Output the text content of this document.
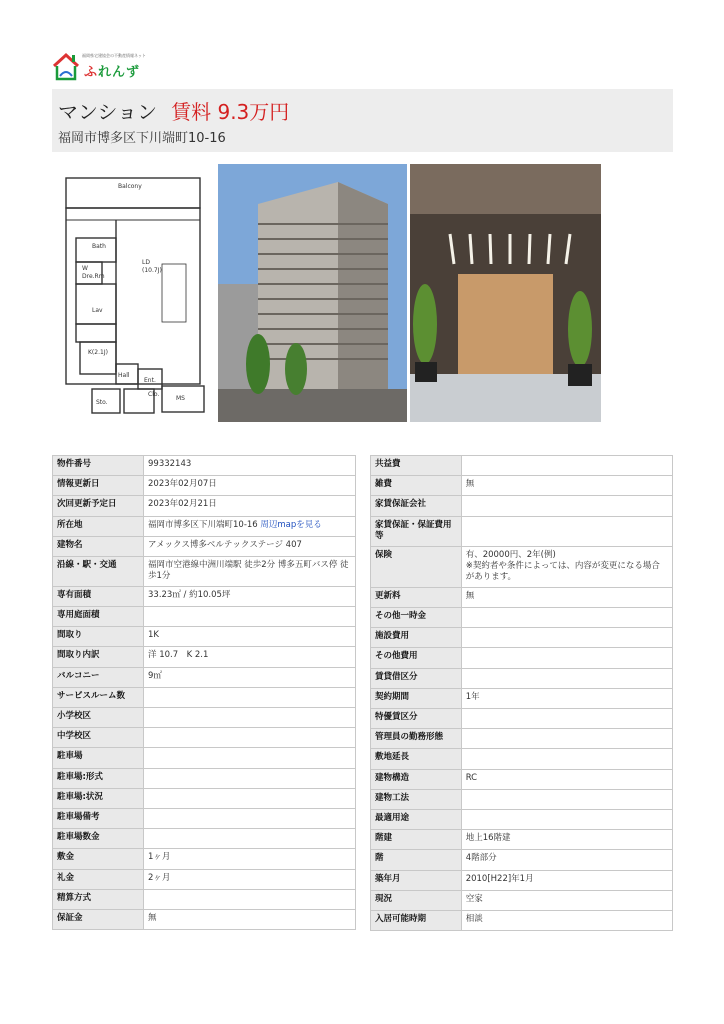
福岡県宅建協会の不動産情報ネット
ふれんず
マンション 賃料 9.3万円
福岡市博多区下川端町10-16
Balcony
LD
(10.7J)
Bath
W
Dre.Rm
Lav
K(2.1J)
Hall
Ent.
Clo.
Sto.
MS
物件番号	99332143
情報更新日	2023年02月07日
次回更新予定日	2023年02月21日
所在地	福岡市博多区下川端町10-16 周辺mapを見る
建物名	アメックス博多ベルテックステージ 407
沿線・駅・交通	福岡市空港線中洲川端駅 徒歩2分 博多五町バス停 徒歩1分
専有面積	33.23㎡ / 約10.05坪
専用庭面積	
間取り	1K
間取り内訳	洋 10.7　K 2.1
バルコニー	9㎡
サービスルーム数	
小学校区	
中学校区	
駐車場	
駐車場:形式	
駐車場:状況	
駐車場備考	
駐車場数金	
敷金	1ヶ月
礼金	2ヶ月
精算方式	
保証金	無
共益費	
雑費	無
家賃保証会社	
家賃保証・保証費用等	
保険	有、20000円、2年(例)
※契約者や条件によっては、内容が変更になる場合があります。
更新料	無
その他一時金	
施設費用	
その他費用	
賃貸借区分	
契約期間	1年
特優賃区分	
管理員の勤務形態	
敷地延長	
建物構造	RC
建物工法	
最適用途	
階建	地上16階建
階	4階部分
築年月	2010[H22]年1月
現況	空家
入居可能時期	相談
